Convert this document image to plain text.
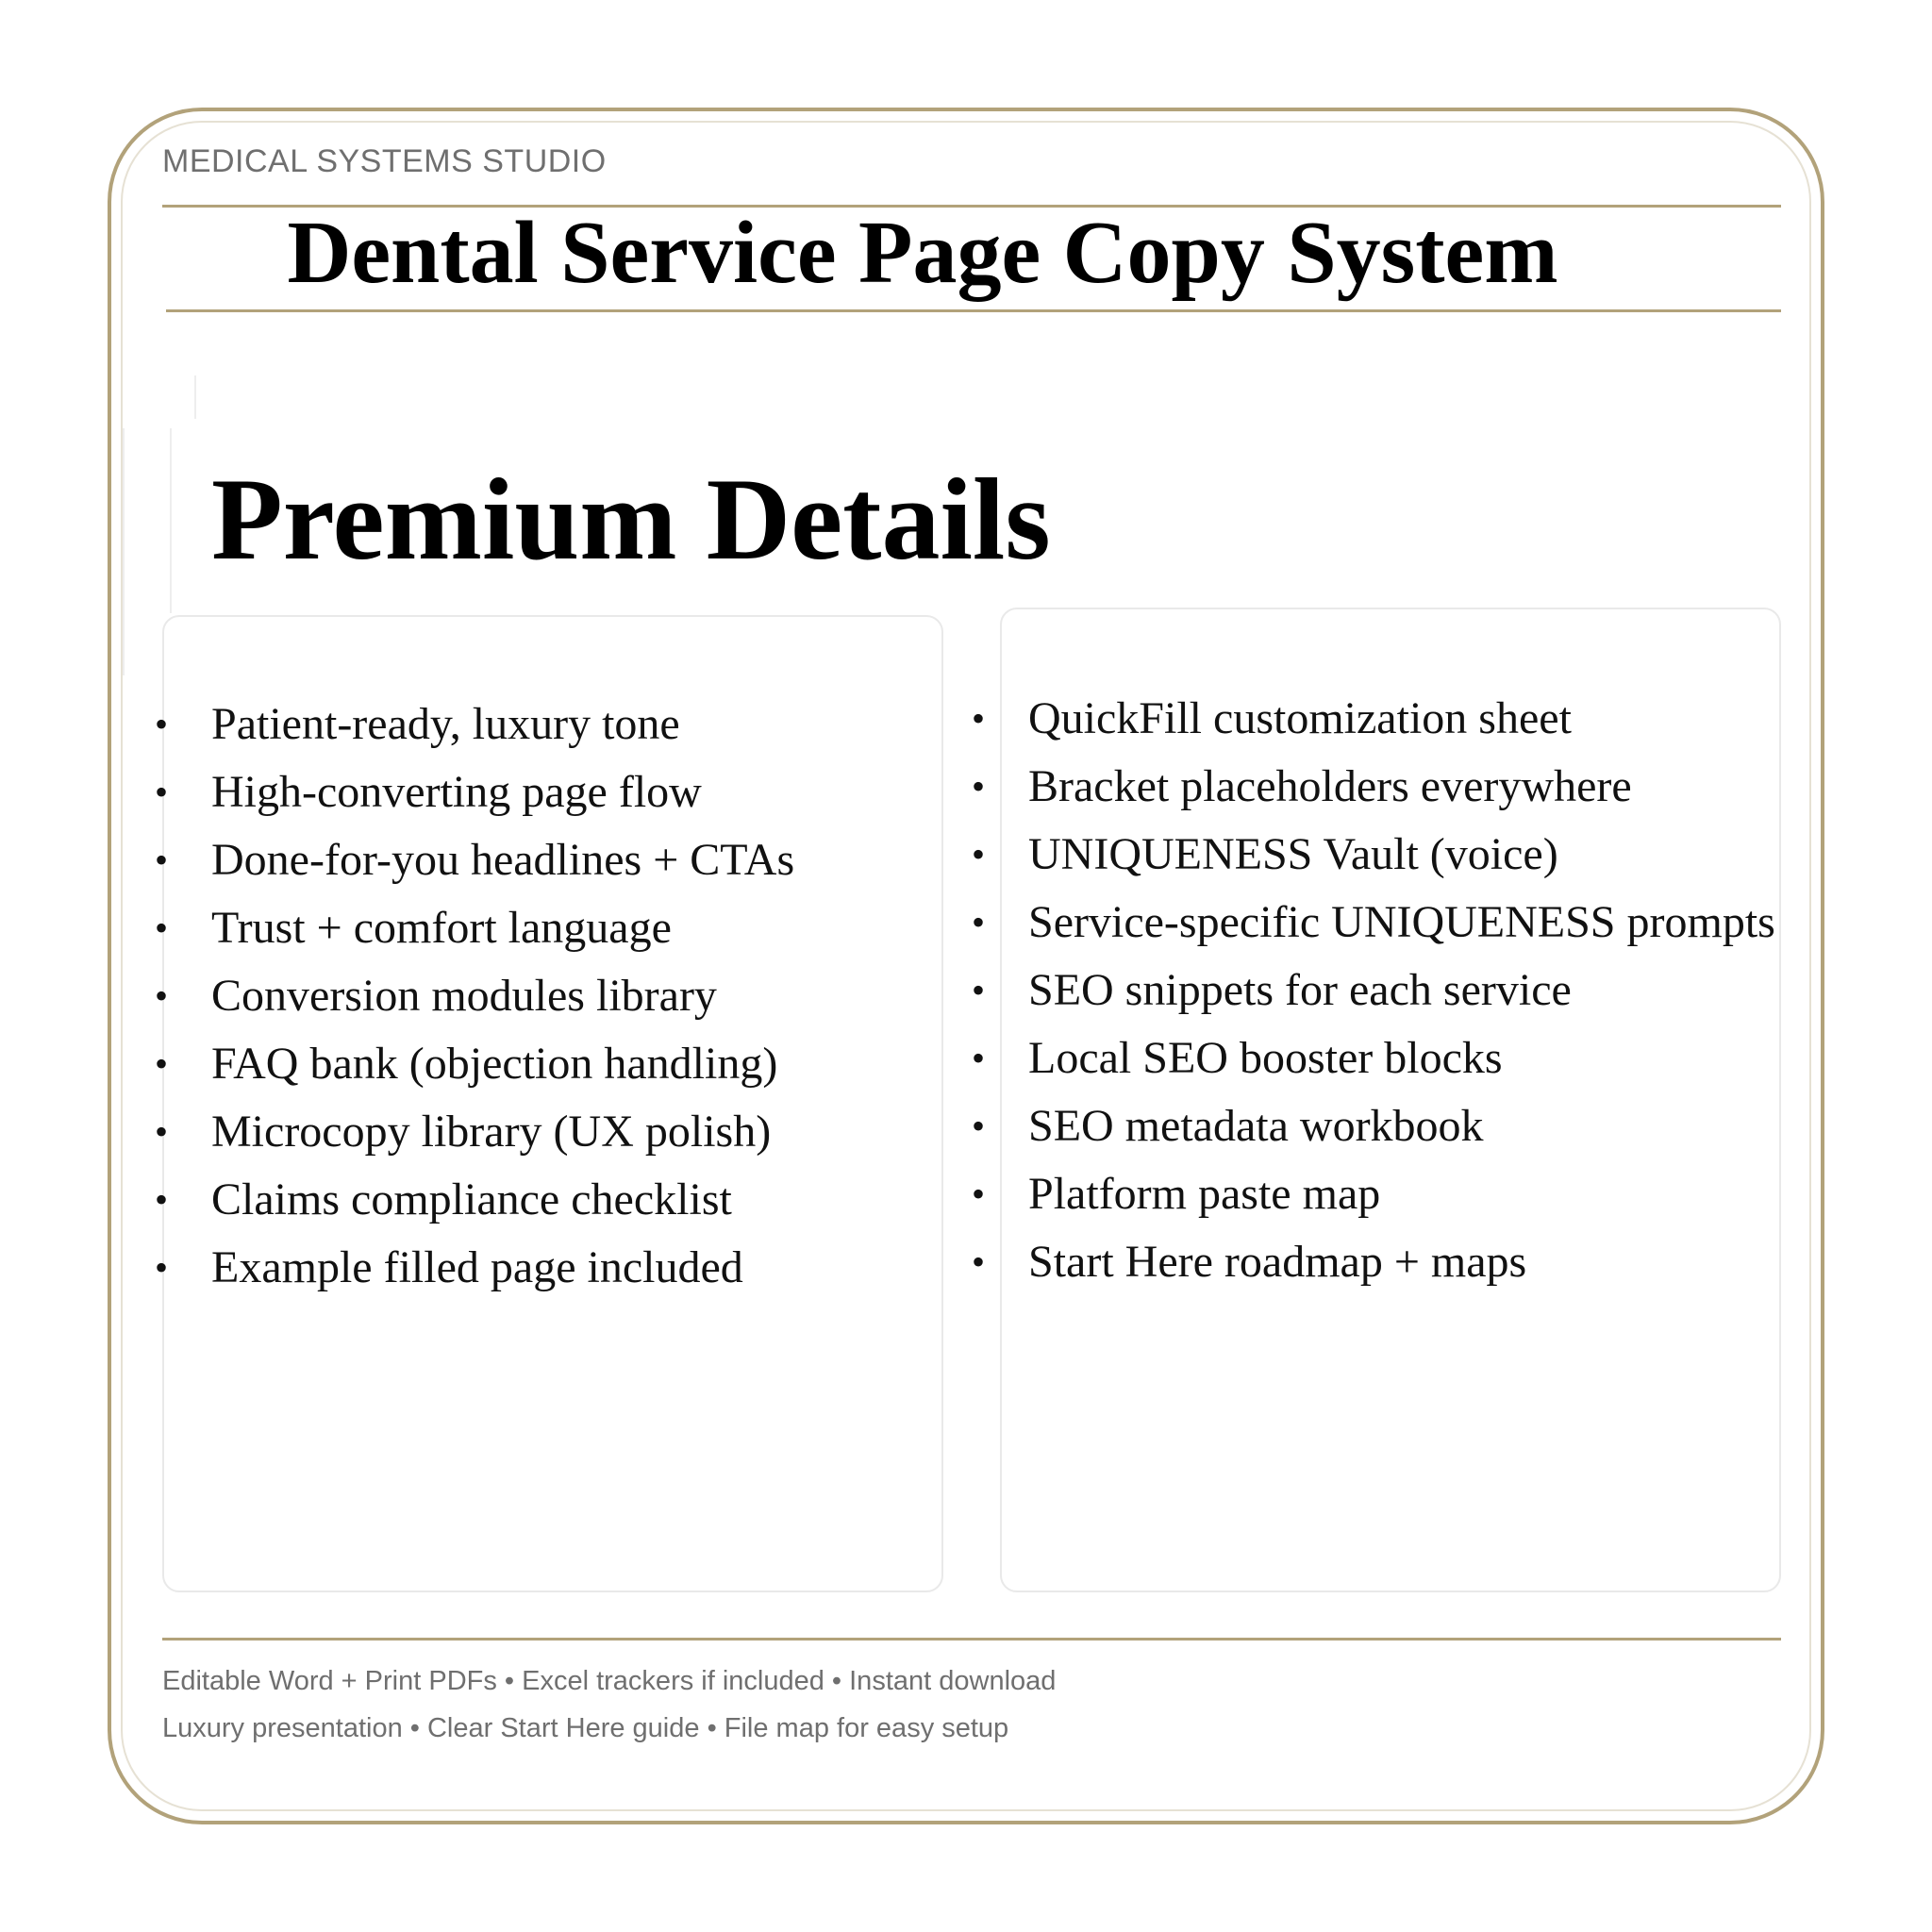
MEDICAL SYSTEMS STUDIO
Dental Service Page Copy System
Premium Details
• Patient-ready, luxury tone
• High-converting page flow
• Done-for-you headlines + CTAs
• Trust + comfort language
• Conversion modules library
• FAQ bank (objection handling)
• Microcopy library (UX polish)
• Claims compliance checklist
• Example filled page included
• QuickFill customization sheet
• Bracket placeholders everywhere
• UNIQUENESS Vault (voice)
• Service-specific UNIQUENESS prompts
• SEO snippets for each service
• Local SEO booster blocks
• SEO metadata workbook
• Platform paste map
• Start Here roadmap + maps
Editable Word + Print PDFs • Excel trackers if included • Instant download
Luxury presentation • Clear Start Here guide • File map for easy setup
